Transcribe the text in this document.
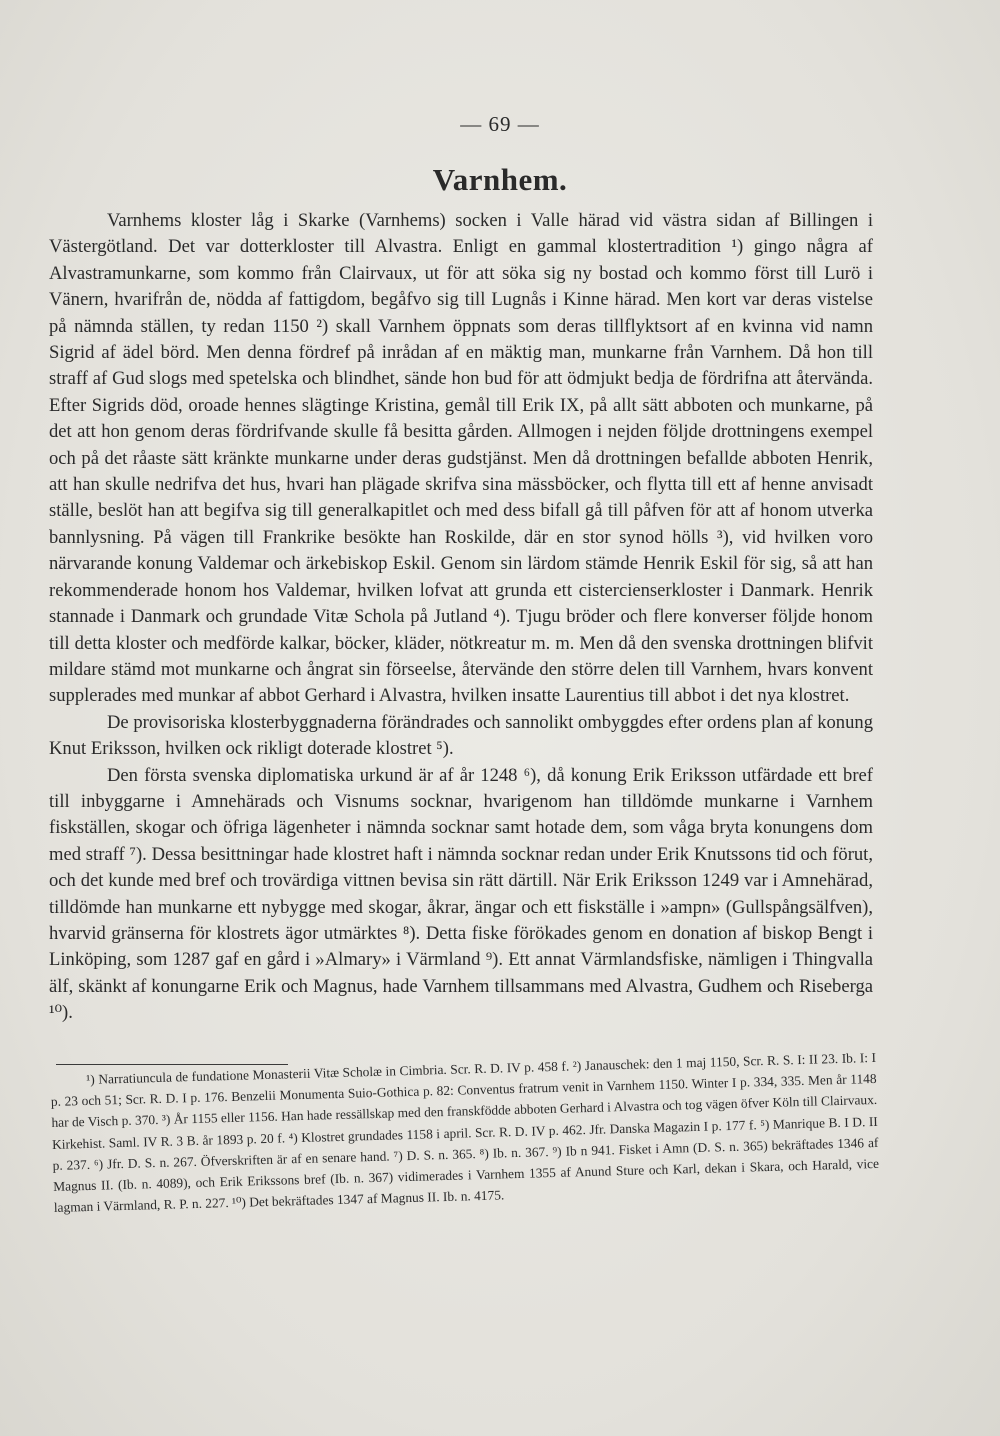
— 69 —
Varnhem.

Varnhems kloster låg i Skarke (Varnhems) socken i Valle härad vid västra sidan af Billingen i Västergötland. Det var dotterkloster till Alvastra. Enligt en gammal klostertradition ¹) gingo några af Alvastramunkarne, som kommo från Clairvaux, ut för att söka sig ny bostad och kommo först till Lurö i Vänern, hvarifrån de, nödda af fattigdom, begåfvo sig till Lugnås i Kinne härad. Men kort var deras vistelse på nämnda ställen, ty redan 1150 ²) skall Varnhem öppnats som deras tillflyktsort af en kvinna vid namn Sigrid af ädel börd. Men denna fördref på inrådan af en mäktig man, munkarne från Varnhem. Då hon till straff af Gud slogs med spetelska och blindhet, sände hon bud för att ödmjukt bedja de fördrifna att återvända. Efter Sigrids död, oroade hennes slägtinge Kristina, gemål till Erik IX, på allt sätt abboten och munkarne, på det att hon genom deras fördrifvande skulle få besitta gården. Allmogen i nejden följde drottningens exempel och på det råaste sätt kränkte munkarne under deras gudstjänst. Men då drottningen befallde abboten Henrik, att han skulle nedrifva det hus, hvari han plägade skrifva sina mässböcker, och flytta till ett af henne anvisadt ställe, beslöt han att begifva sig till generalkapitlet och med dess bifall gå till påfven för att af honom utverka bannlysning. På vägen till Frankrike besökte han Roskilde, där en stor synod hölls ³), vid hvilken voro närvarande konung Valdemar och ärkebiskop Eskil. Genom sin lärdom stämde Henrik Eskil för sig, så att han rekommenderade honom hos Valdemar, hvilken lofvat att grunda ett cistercienserkloster i Danmark. Henrik stannade i Danmark och grundade Vitæ Schola på Jutland ⁴). Tjugu bröder och flere konverser följde honom till detta kloster och medförde kalkar, böcker, kläder, nötkreatur m. m. Men då den svenska drottningen blifvit mildare stämd mot munkarne och ångrat sin förseelse, återvände den större delen till Varnhem, hvars konvent supplerades med munkar af abbot Gerhard i Alvastra, hvilken insatte Laurentius till abbot i det nya klostret.

De provisoriska klosterbyggnaderna förändrades och sannolikt ombyggdes efter ordens plan af konung Knut Eriksson, hvilken ock rikligt doterade klostret ⁵).

Den första svenska diplomatiska urkund är af år 1248 ⁶), då konung Erik Eriksson utfärdade ett bref till inbyggarne i Amnehärads och Visnums socknar, hvarigenom han tilldömde munkarne i Varnhem fiskställen, skogar och öfriga lägenheter i nämnda socknar samt hotade dem, som våga bryta konungens dom med straff ⁷). Dessa besittningar hade klostret haft i nämnda socknar redan under Erik Knutssons tid och förut, och det kunde med bref och trovärdiga vittnen bevisa sin rätt därtill. När Erik Eriksson 1249 var i Amnehärad, tilldömde han munkarne ett nybygge med skogar, åkrar, ängar och ett fiskställe i »ampn» (Gullspångsälfven), hvarvid gränserna för klostrets ägor utmärktes ⁸). Detta fiske förökades genom en donation af biskop Bengt i Linköping, som 1287 gaf en gård i »Almary» i Värmland ⁹). Ett annat Värmlandsfiske, nämligen i Thingvalla älf, skänkt af konungarne Erik och Magnus, hade Varnhem tillsammans med Alvastra, Gudhem och Riseberga ¹⁰).

¹) Narratiuncula de fundatione Monasterii Vitæ Scholæ in Cimbria. Scr. R. D. IV p. 458 f. ²) Janauschek: den 1 maj 1150, Scr. R. S. I: II 23. Ib. I: I p. 23 och 51; Scr. R. D. I p. 176. Benzelii Monumenta Suio-Gothica p. 82: Conventus fratrum venit in Varnhem 1150. Winter I p. 334, 335. Men år 1148 har de Visch p. 370. ³) År 1155 eller 1156. Han hade ressällskap med den franskfödde abboten Gerhard i Alvastra och tog vägen öfver Köln till Clairvaux. Kirkehist. Saml. IV R. 3 B. år 1893 p. 20 f. ⁴) Klostret grundades 1158 i april. Scr. R. D. IV p. 462. Jfr. Danska Magazin I p. 177 f. ⁵) Manrique B. I D. II p. 237. ⁶) Jfr. D. S. n. 267. Öfverskriften är af en senare hand. ⁷) D. S. n. 365. ⁸) Ib. n. 367. ⁹) Ib n 941. Fisket i Amn (D. S. n. 365) bekräftades 1346 af Magnus II. (Ib. n. 4089), och Erik Erikssons bref (Ib. n. 367) vidimerades i Varnhem 1355 af Anund Sture och Karl, dekan i Skara, och Harald, vice lagman i Värmland, R. P. n. 227. ¹⁰) Det bekräftades 1347 af Magnus II. Ib. n. 4175.
